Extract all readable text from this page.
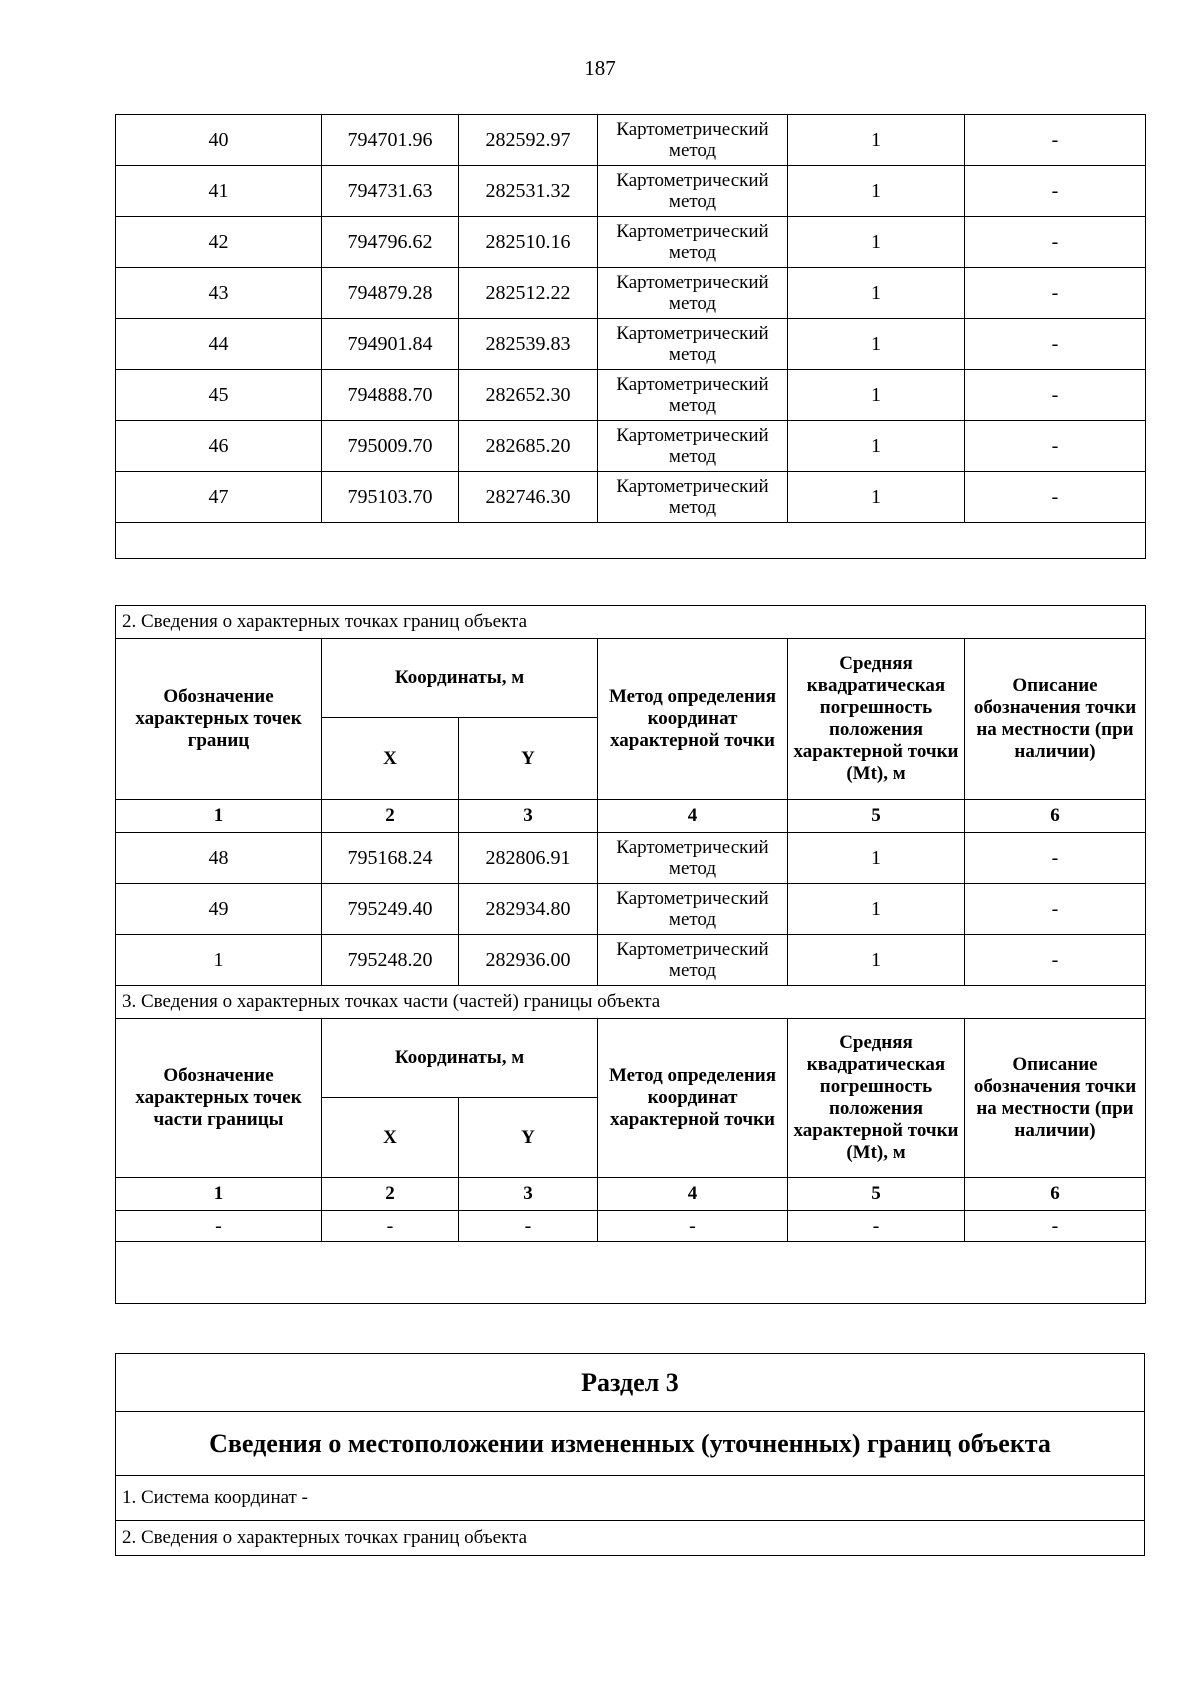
187
40	794701.96	282592.97	Картометрический метод	1	-
41	794731.63	282531.32	Картометрический метод	1	-
42	794796.62	282510.16	Картометрический метод	1	-
43	794879.28	282512.22	Картометрический метод	1	-
44	794901.84	282539.83	Картометрический метод	1	-
45	794888.70	282652.30	Картометрический метод	1	-
46	795009.70	282685.20	Картометрический метод	1	-
47	795103.70	282746.30	Картометрический метод	1	-

2. Сведения о характерных точках границ объекта					
Обозначение характерных точек границ	Координаты, м		Метод определения координат характерной точки	Средняя квадратическая погрешность положения характерной точки (Mt), м	Описание обозначения точки на местности (при наличии)
	X	Y			
1	2	3	4	5	6
48	795168.24	282806.91	Картометрический метод	1	-
49	795249.40	282934.80	Картометрический метод	1	-
1	795248.20	282936.00	Картометрический метод	1	-
3. Сведения о характерных точках части (частей) границы объекта					
Обозначение характерных точек части границы	Координаты, м		Метод определения координат характерной точки	Средняя квадратическая погрешность положения характерной точки (Mt), м	Описание обозначения точки на местности (при наличии)
	X	Y			
1	2	3	4	5	6
-	-	-	-	-	-

Раздел 3
Сведения о местоположении измененных (уточненных) границ объекта
1. Система координат -
2. Сведения о характерных точках границ объекта
